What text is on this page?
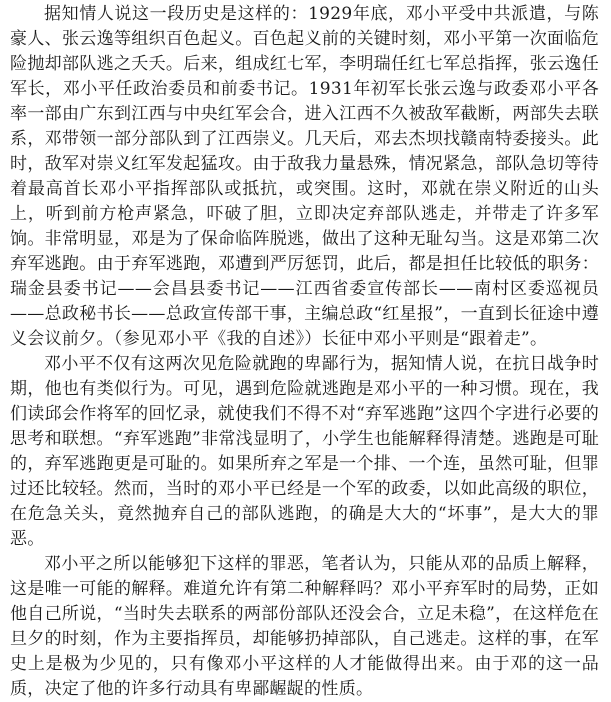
据知情人说这一段历史是这样的：1929年底，邓小平受中共派遣，与陈豪人、张云逸等组织百色起义。百色起义前的关键时刻，邓小平第一次面临危险抛却部队逃之夭夭。后来，组成红七军，李明瑞任红七军总指挥，张云逸任军长，邓小平任政治委员和前委书记。1931年初军长张云逸与政委邓小平各率一部由广东到江西与中央红军会合，进入江西不久被敌军截断，两部失去联系，邓带领一部分部队到了江西崇义。几天后，邓去杰坝找赣南特委接头。此时，敌军对崇义红军发起猛攻。由于敌我力量悬殊，情况紧急，部队急切等待着最高首长邓小平指挥部队或抵抗，或突围。这时，邓就在崇义附近的山头上，听到前方枪声紧急，吓破了胆，立即决定弃部队逃走，并带走了许多军饷。非常明显，邓是为了保命临阵脱逃，做出了这种无耻勾当。这是邓第二次弃军逃跑。由于弃军逃跑，邓遭到严厉惩罚，此后，都是担任比较低的职务：瑞金县委书记——会昌县委书记——江西省委宣传部长——南村区委巡视员——总政秘书长——总政宣传部干事，主编总政“红星报”，一直到长征途中遵义会议前夕。（参见邓小平《我的自述》）长征中邓小平则是“跟着走”。

邓小平不仅有这两次见危险就跑的卑鄙行为，据知情人说，在抗日战争时期，他也有类似行为。可见，遇到危险就逃跑是邓小平的一种习惯。现在，我们读邱会作将军的回忆录，就使我们不得不对“弃军逃跑”这四个字进行必要的思考和联想。“弃军逃跑”非常浅显明了，小学生也能解释得清楚。逃跑是可耻的，弃军逃跑更是可耻的。如果所弃之军是一个排、一个连，虽然可耻，但罪过还比较轻。然而，当时的邓小平已经是一个军的政委，以如此高级的职位，在危急关头，竟然抛弃自己的部队逃跑，的确是大大的“坏事”，是大大的罪恶。

邓小平之所以能够犯下这样的罪恶，笔者认为，只能从邓的品质上解释，这是唯一可能的解释。难道允许有第二种解释吗？邓小平弃军时的局势，正如他自己所说，“当时失去联系的两部份部队还没会合，立足未稳”，在这样危在旦夕的时刻，作为主要指挥员，却能够扔掉部队，自己逃走。这样的事，在军史上是极为少见的，只有像邓小平这样的人才能做得出来。由于邓的这一品质，决定了他的许多行动具有卑鄙龌龊的性质。
